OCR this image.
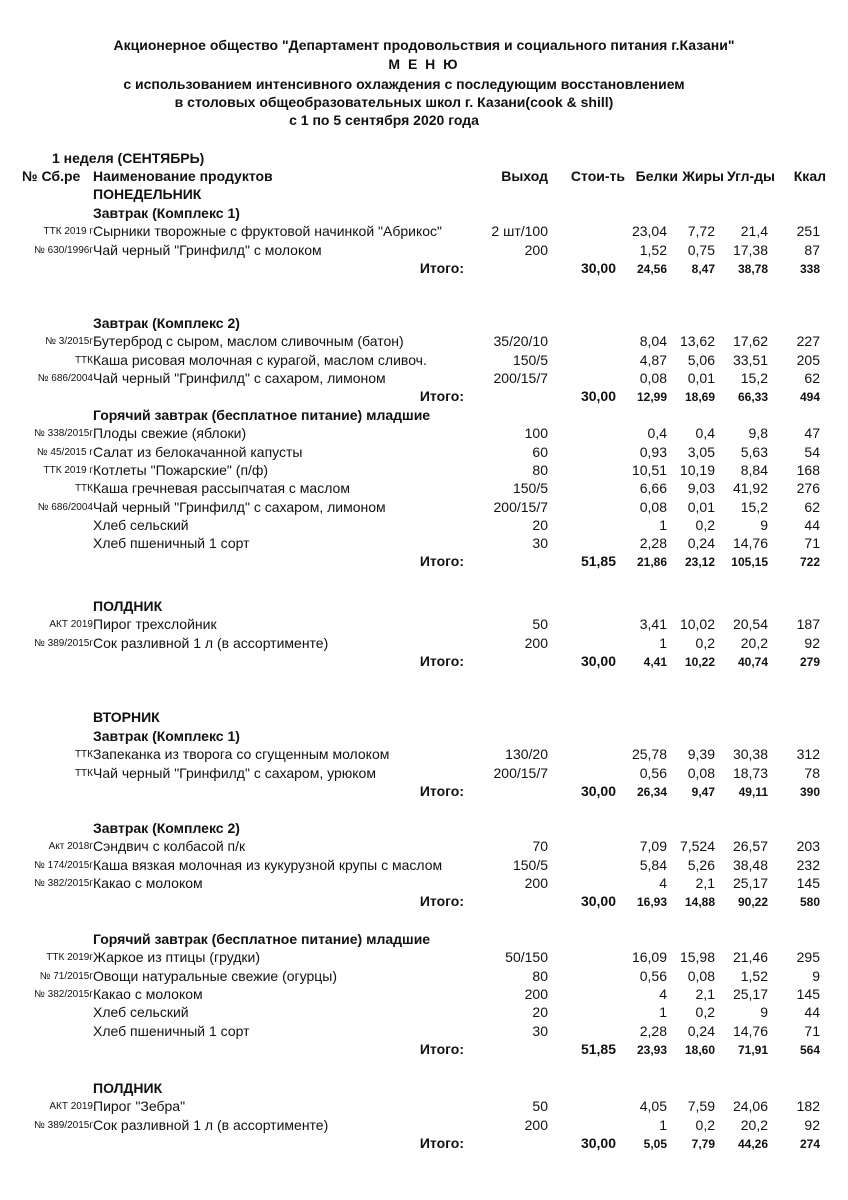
Акционерное общество "Департамент продовольствия и социального питания г.Казани"
М Е Н Ю
с использованием интенсивного охлаждения с последующим восстановлением
в столовых общеобразовательных школ г. Казани(cook & shill)
с 1 по 5 сентября 2020 года
1 неделя (СЕНТЯБРЬ)
№ Сб.ре Наименование продуктов	Выход Стои-ть Белки Жиры Угл-ды Ккал
ПОНЕДЕЛЬНИК
Завтрак (Комплекс 1)
ТТК 2019 г Сырники творожные с фруктовой начинкой "Абрикос"	2 шт/100	23,04 7,72 21,4 251
№ 630/1996г Чай черный "Гринфилд" с молоком	200	1,52 0,75 17,38	87
Итого:	30,00 24,56 8,47 38,78	338
Завтрак (Комплекс 2)
№ 3/2015г Бутерброд с сыром, маслом сливочным (батон)	35/20/10	8,04 13,62 17,62 227
ТТК Каша рисовая молочная с курагой, маслом сливоч.	150/5	4,87 5,06 33,51 205
№ 686/2004 Чай черный "Гринфилд" с сахаром, лимоном	200/15/7	0,08 0,01 15,2	62
Итого:	30,00 12,99 18,69 66,33	494
Горячий завтрак (бесплатное питание) младшие
№ 338/2015г Плоды свежие (яблоки)	100	0,4 0,4 9,8	47
№ 45/2015 г Салат из белокачанной капусты	60	0,93 3,05 5,63	54
ТТК 2019 г Котлеты "Пожарские" (п/ф)	80	10,51 10,19 8,84 168
ТТК Каша гречневая рассыпчатая с маслом	150/5	6,66 9,03 41,92 276
№ 686/2004 Чай черный "Гринфилд" с сахаром, лимоном	200/15/7	0,08 0,01 15,2	62
Хлеб сельский	20	1 0,2	9	44
Хлеб пшеничный 1 сорт	30	2,28 0,24 14,76	71
Итого:	51,85 21,86 23,12 105,15	722
ПОЛДНИК
АКТ 2019 Пирог трехслойник	50	3,41 10,02 20,54 187
№ 389/2015г Сок разливной 1 л (в ассортименте)	200	1 0,2 20,2	92
Итого:	30,00 4,41 10,22 40,74	279
ВТОРНИК
Завтрак (Комплекс 1)
ТТК Запеканка из творога со сгущенным молоком	130/20	25,78 9,39 30,38 312
ТТК Чай черный "Гринфилд" с сахаром, урюком	200/15/7	0,56 0,08 18,73	78
Итого:	30,00 26,34 9,47 49,11	390
Завтрак (Комплекс 2)
Акт 2018г Сэндвич с колбасой п/к	70	7,09 7,524 26,57 203
№ 174/2015г Каша вязкая молочная из кукурузной крупы с маслом	150/5	5,84 5,26 38,48 232
№ 382/2015г Какао с молоком	200	4 2,1 25,17 145
Итого:	30,00 16,93 14,88 90,22	580
Горячий завтрак (бесплатное питание) младшие
ТТК 2019г Жаркое из птицы (грудки)	50/150	16,09 15,98 21,46 295
№ 71/2015г Овощи натуральные свежие (огурцы)	80	0,56 0,08 1,52	9
№ 382/2015г Какао с молоком	200	4 2,1 25,17 145
Хлеб сельский	20	1 0,2	9	44
Хлеб пшеничный 1 сорт	30	2,28 0,24 14,76	71
Итого:	51,85 23,93 18,60 71,91	564
ПОЛДНИК
АКТ 2019 Пирог "Зебра"	50	4,05 7,59 24,06 182
№ 389/2015г Сок разливной 1 л (в ассортименте)	200	1 0,2 20,2	92
Итого:	30,00 5,05 7,79 44,26	274
